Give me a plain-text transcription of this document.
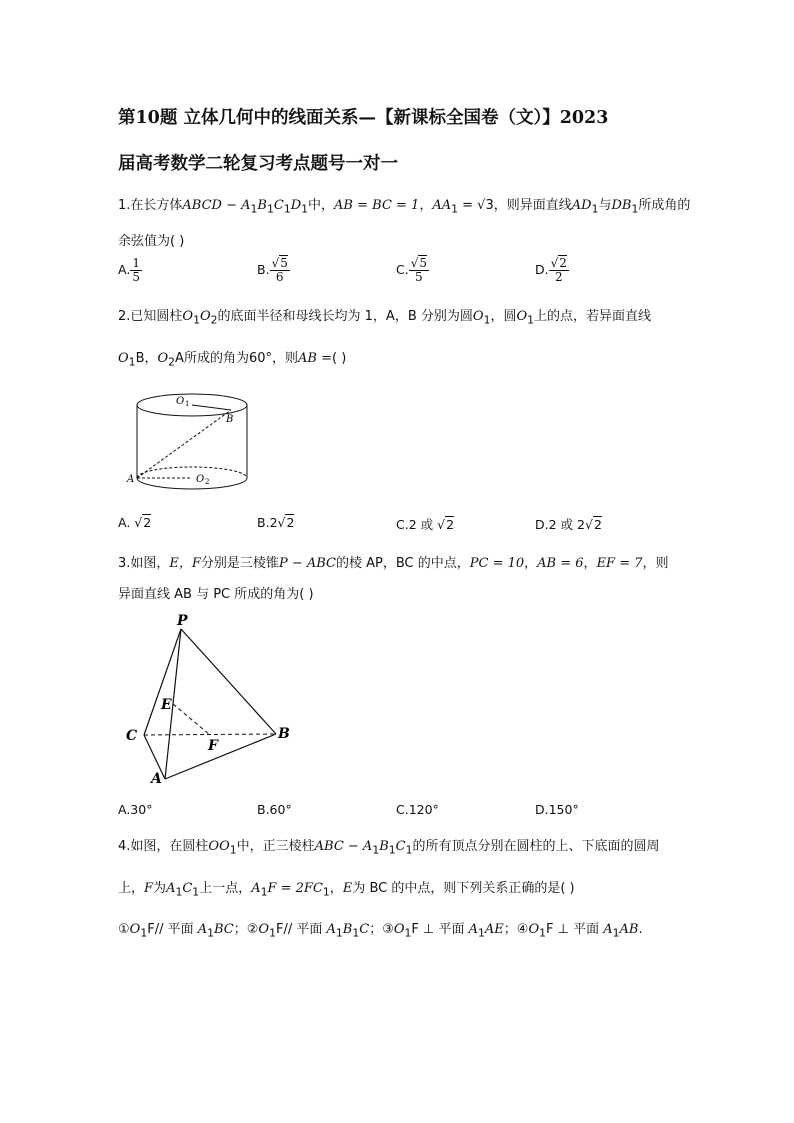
第10题 立体几何中的线面关系—【新课标全国卷（文）】2023
届高考数学二轮复习考点题号一对一
1.在长方体ABCD − $A_1B_1C_1D_1$中，AB = BC = 1，$AA_1 = √3$，则异面直线$AD_1$与$DB_1$所成角的
余弦值为( )
A. $\frac{1}{5}$	B. $\frac{√5}{6}$	C. $\frac{√5}{5}$	D. $\frac{√2}{2}$
2.已知圆柱$O_1O_2$的底面半径和母线长均为 1，A，B 分别为圆$O_1$，圆$O_1$上的点，若异面直线
$O_1B$，$O_2A$所成的角为60°，则AB =( )
O 1
B
A	O 2
A. √2	B.2√2	C.2 或 √2	D.2 或 2√2
3.如图，E，F分别是三棱锥P − ABC的棱 AP，BC 的中点，PC = 10，AB = 6，EF = 7，则
异面直线 AB 与 PC 所成的角为( )
P
E
C
F
B
A
A.30°	B.60°	C.120°	D.150°
4.如图，在圆柱$OO_1$中，正三棱柱ABC − $A_1B_1C_1$的所有顶点分别在圆柱的上、下底面的圆周
上，F为$A_1C_1$上一点，$A_1F = 2FC_1$，E为 BC 的中点，则下列关系正确的是( )
$①O_1F//$ 平面 $A_1BC$；$②O_1F//$ 平面 $A_1B_1C$；$③O_1F$ ⊥ 平面 $A_1AE$；$④O_1F$ ⊥ 平面 $A_1AB$.
